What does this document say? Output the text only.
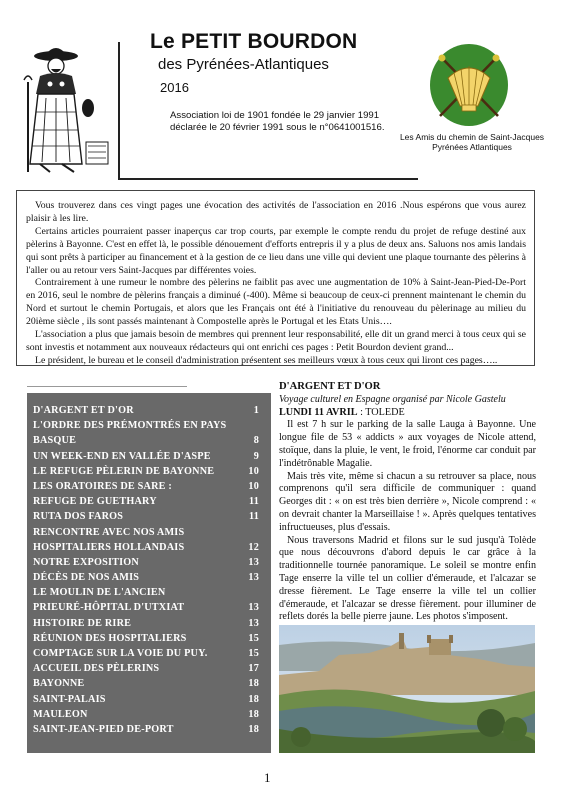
Le PETIT BOURDON
des Pyrénées-Atlantiques
2016
Association loi de 1901 fondée le 29 janvier 1991
déclarée le 20 février 1991 sous le n°0641001516.
Les Amis du chemin de Saint-Jacques
Pyrénées Atlantiques

Vous trouverez dans ces vingt pages une évocation des activités de l'association en 2016 .Nous espérons que vous aurez plaisir à les lire.

Certains articles pourraient passer inaperçus car trop courts, par exemple le compte rendu du projet de refuge destiné aux pèlerins à Bayonne. C'est en effet là, le possible dénouement d'efforts entrepris il y a plus de deux ans. Saluons nos amis landais qui sont prêts à participer au financement et à la gestion de ce lieu dans une ville qui devient une plaque tournante des pèlerins à l'aller ou au retour vers Saint-Jacques par différentes voies.

Contrairement à une rumeur le nombre des pèlerins ne faiblit pas avec une augmentation de 10% à Saint-Jean-Pied-De-Port en 2016, seul le nombre de pèlerins français a diminué (-400). Même si beaucoup de ceux-ci prennent maintenant le chemin du Nord et surtout le chemin Portugais, et alors que les Français ont été à l'initiative du renouveau du pèlerinage au milieu du 20ième siècle , ils sont passés maintenant à Compostelle après le Portugal et les Etats Unis….

L'association a plus que jamais besoin de membres qui prennent leur responsabilité, elle dit un grand merci à tous ceux qui se sont investis et notamment aux nouveaux rédacteurs qui ont enrichi ces pages : Petit Bourdon devient grand...

Le président, le bureau et le conseil d'administration présentent ses meilleurs vœux à tous ceux qui liront ces pages…..

D'ARGENT ET D'OR	1
L'ORDRE DES PRÉMONTRÉS EN PAYS
BASQUE	8
UN WEEK-END EN VALLÉE D'ASPE	9
LE REFUGE PÈLERIN DE BAYONNE	10
LES ORATOIRES DE SARE :	10
REFUGE DE GUETHARY	11
RUTA DOS FAROS	11
RENCONTRE AVEC NOS AMIS
HOSPITALIERS HOLLANDAIS	12
NOTRE EXPOSITION	13
DÉCÈS DE NOS AMIS	13
LE MOULIN DE L'ANCIEN
PRIEURÉ-HÔPITAL D'UTXIAT	13
HISTOIRE DE RIRE	13
RÉUNION DES HOSPITALIERS	15
COMPTAGE SUR LA VOIE DU PUY.	15
ACCUEIL DES PÈLERINS	17
BAYONNE	18
SAINT-PALAIS	18
MAULEON	18
SAINT-JEAN-PIED DE-PORT	18
D'ARGENT ET D'OR
Voyage culturel en Espagne organisé par Nicole Gastelu
LUNDI 11 AVRIL : TOLEDE

Il est 7 h sur le parking de la salle Lauga à Bayonne. Une longue file de 53 « addicts » aux voyages de Nicole attend, stoïque, dans la pluie, le vent, le froid, l'énorme car conduit par l'indétrônable Magalie.

Mais très vite, même si chacun a su retrouver sa place, nous comprenons qu'il sera difficile de communiquer : quand Georges dit : « on est très bien derrière », Nicole comprend : « on devrait chanter la Marseillaise ! ». Après quelques tentatives infructueuses, plus d'essais.

Nous traversons Madrid et filons sur le sud jusqu'à Tolède que nous découvrons d'abord depuis le car grâce à la traditionnelle tournée panoramique. Le soleil se montre enfin Tage enserre la ville tel un collier d'émeraude, et l'alcazar se dresse fièrement. Le Tage enserre la ville tel un collier d'émeraude, et l'alcazar se dresse fièrement. pour illuminer de reflets dorés la belle pierre jaune. Les photos s'imposent.

1
